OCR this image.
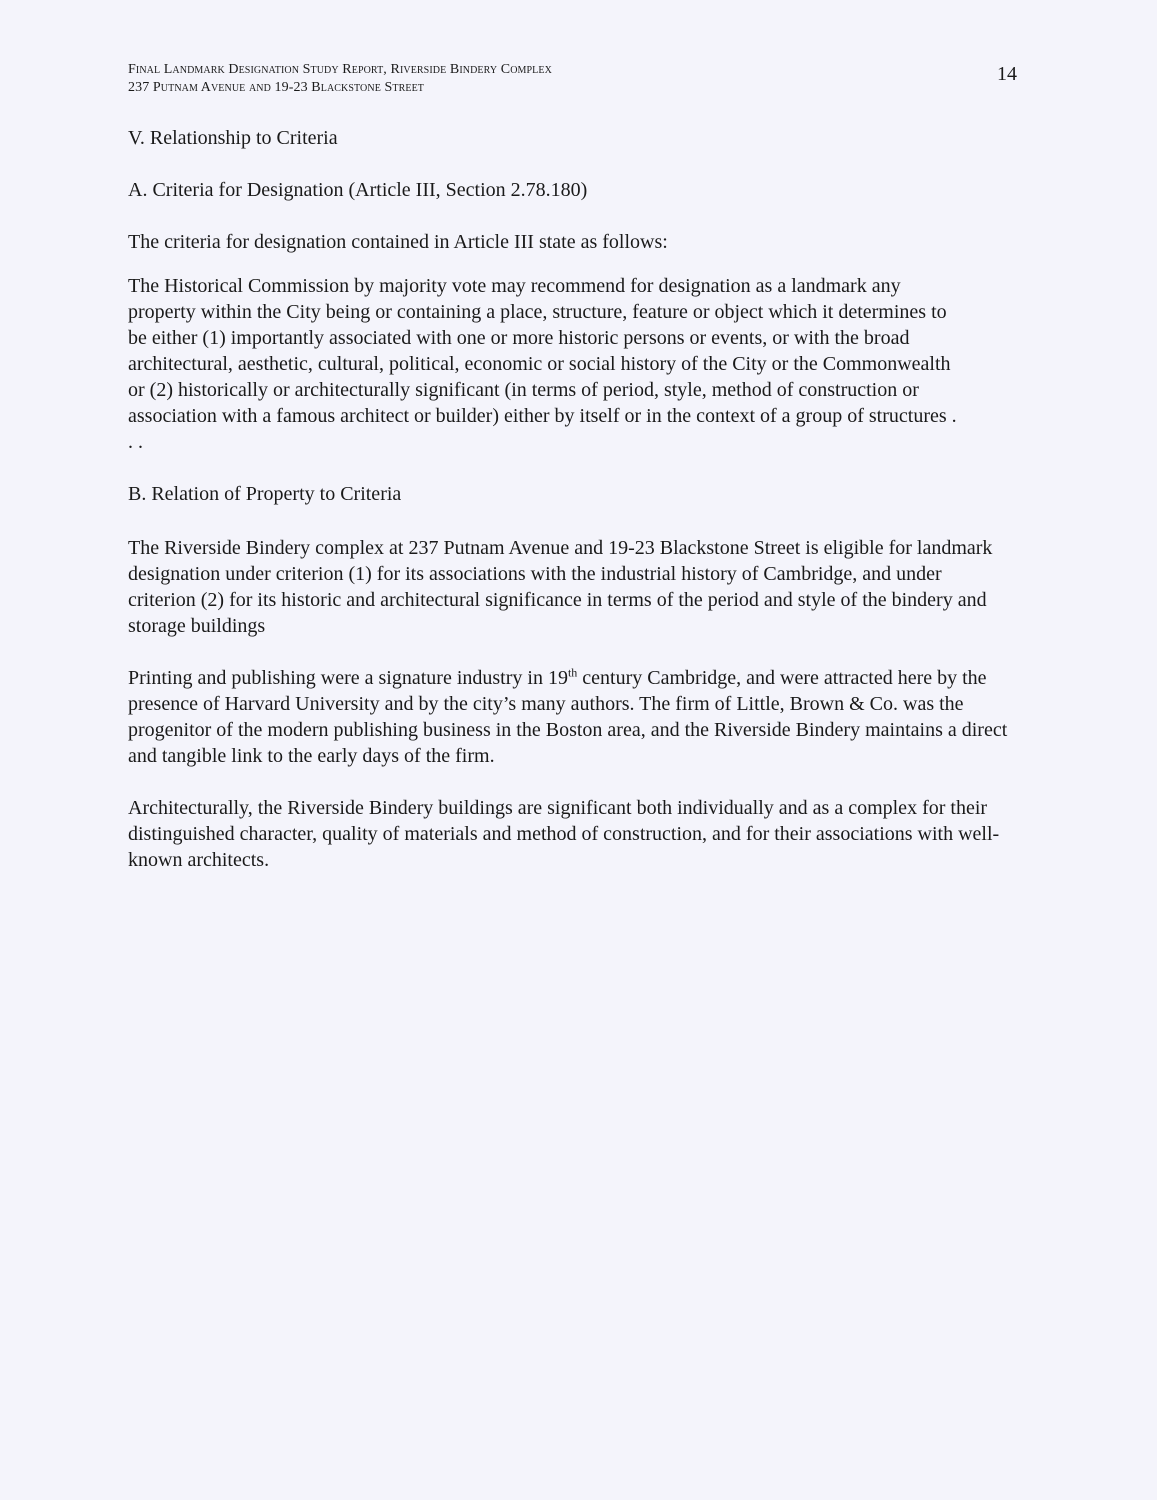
Final Landmark Designation Study Report, Riverside Bindery Complex
237 Putnam Avenue and 19-23 Blackstone Street
14

V. Relationship to Criteria

A. Criteria for Designation (Article III, Section 2.78.180)

The criteria for designation contained in Article III state as follows:

The Historical Commission by majority vote may recommend for designation as a landmark any property within the City being or containing a place, structure, feature or object which it determines to be either (1) importantly associated with one or more historic persons or events, or with the broad architectural, aesthetic, cultural, political, economic or social history of the City or the Commonwealth or (2) historically or architecturally significant (in terms of period, style, method of construction or association with a famous architect or builder) either by itself or in the context of a group of structures . . .

B. Relation of Property to Criteria

The Riverside Bindery complex at 237 Putnam Avenue and 19-23 Blackstone Street is eligible for landmark designation under criterion (1) for its associations with the industrial history of Cambridge, and under criterion (2) for its historic and architectural significance in terms of the period and style of the bindery and storage buildings

Printing and publishing were a signature industry in 19th century Cambridge, and were attracted here by the presence of Harvard University and by the city’s many authors. The firm of Little, Brown & Co. was the progenitor of the modern publishing business in the Boston area, and the Riverside Bindery maintains a direct and tangible link to the early days of the firm.

Architecturally, the Riverside Bindery buildings are significant both individually and as a complex for their distinguished character, quality of materials and method of construction, and for their associations with well-known architects.
